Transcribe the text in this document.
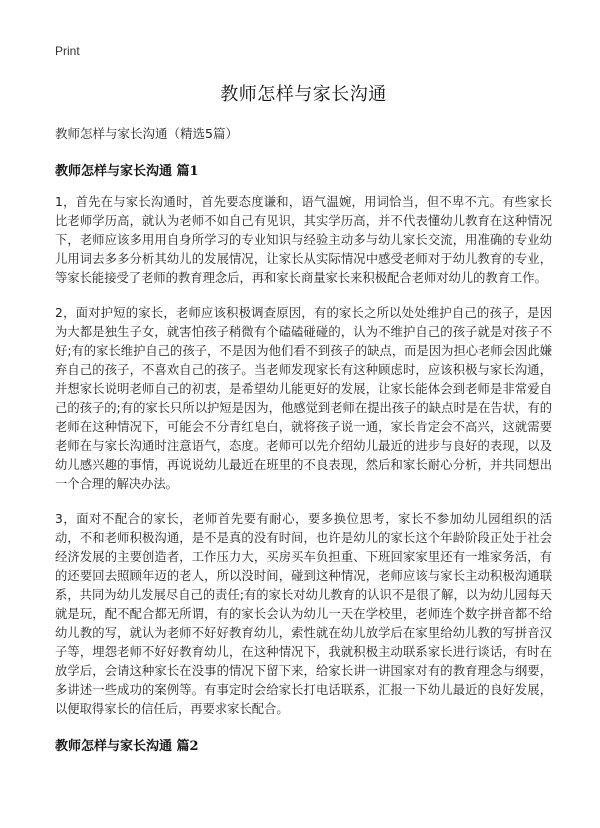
Print
教师怎样与家长沟通

教师怎样与家长沟通（精选5篇）

教师怎样与家长沟通 篇1

1，首先在与家长沟通时，首先要态度谦和，语气温婉，用词恰当，但不卑不亢。有些家长比老师学历高，就认为老师不如自己有见识，其实学历高，并不代表懂幼儿教育在这种情况下，老师应该多用用自身所学习的专业知识与经验主动多与幼儿家长交流，用准确的专业幼儿用词去多多分析其幼儿的发展情况，让家长从实际情况中感受老师对于幼儿教育的专业，等家长能接受了老师的教育理念后，再和家长商量家长来积极配合老师对幼儿的教育工作。

2，面对护短的家长，老师应该积极调查原因，有的家长之所以处处维护自己的孩子，是因为大都是独生子女，就害怕孩子稍微有个磕磕碰碰的，认为不维护自己的孩子就是对孩子不好;有的家长维护自己的孩子，不是因为他们看不到孩子的缺点，而是因为担心老师会因此嫌弃自己的孩子，不喜欢自己的孩子。当老师发现家长有这种顾虑时，应该积极与家长沟通，并想家长说明老师自己的初衷，是希望幼儿能更好的发展，让家长能体会到老师是非常爱自己的孩子的;有的家长只所以护短是因为，他感觉到老师在提出孩子的缺点时是在告状，有的老师在这种情况下，可能会不分青红皂白，就将孩子说一通，家长肯定会不高兴，这就需要老师在与家长沟通时注意语气，态度。老师可以先介绍幼儿最近的进步与良好的表现，以及幼儿感兴趣的事情，再说说幼儿最近在班里的不良表现，然后和家长耐心分析，并共同想出一个合理的解决办法。

3，面对不配合的家长，老师首先要有耐心，要多换位思考，家长不参加幼儿园组织的活动，不和老师积极沟通，是不是真的没有时间，也许是幼儿的家长这个年龄阶段正处于社会经济发展的主要创造者，工作压力大，买房买车负担重、下班回家家里还有一堆家务活，有的还要回去照顾年迈的老人，所以没时间，碰到这种情况，老师应该与家长主动积极沟通联系，共同为幼儿发展尽自己的责任;有的家长对幼儿教育的认识不是很了解，以为幼儿园每天就是玩，配不配合都无所谓，有的家长会认为幼儿一天在学校里，老师连个数字拼音都不给幼儿教的写，就认为老师不好好教育幼儿，索性就在幼儿放学后在家里给幼儿教的写拼音汉子等，埋怨老师不好好教育幼儿，在这种情况下，我就积极主动联系家长进行谈话，有时在放学后，会请这种家长在没事的情况下留下来，给家长讲一讲国家对有的教育理念与纲要，多讲述一些成功的案例等。有事定时会给家长打电话联系，汇报一下幼儿最近的良好发展，以便取得家长的信任后，再要求家长配合。

教师怎样与家长沟通 篇2
